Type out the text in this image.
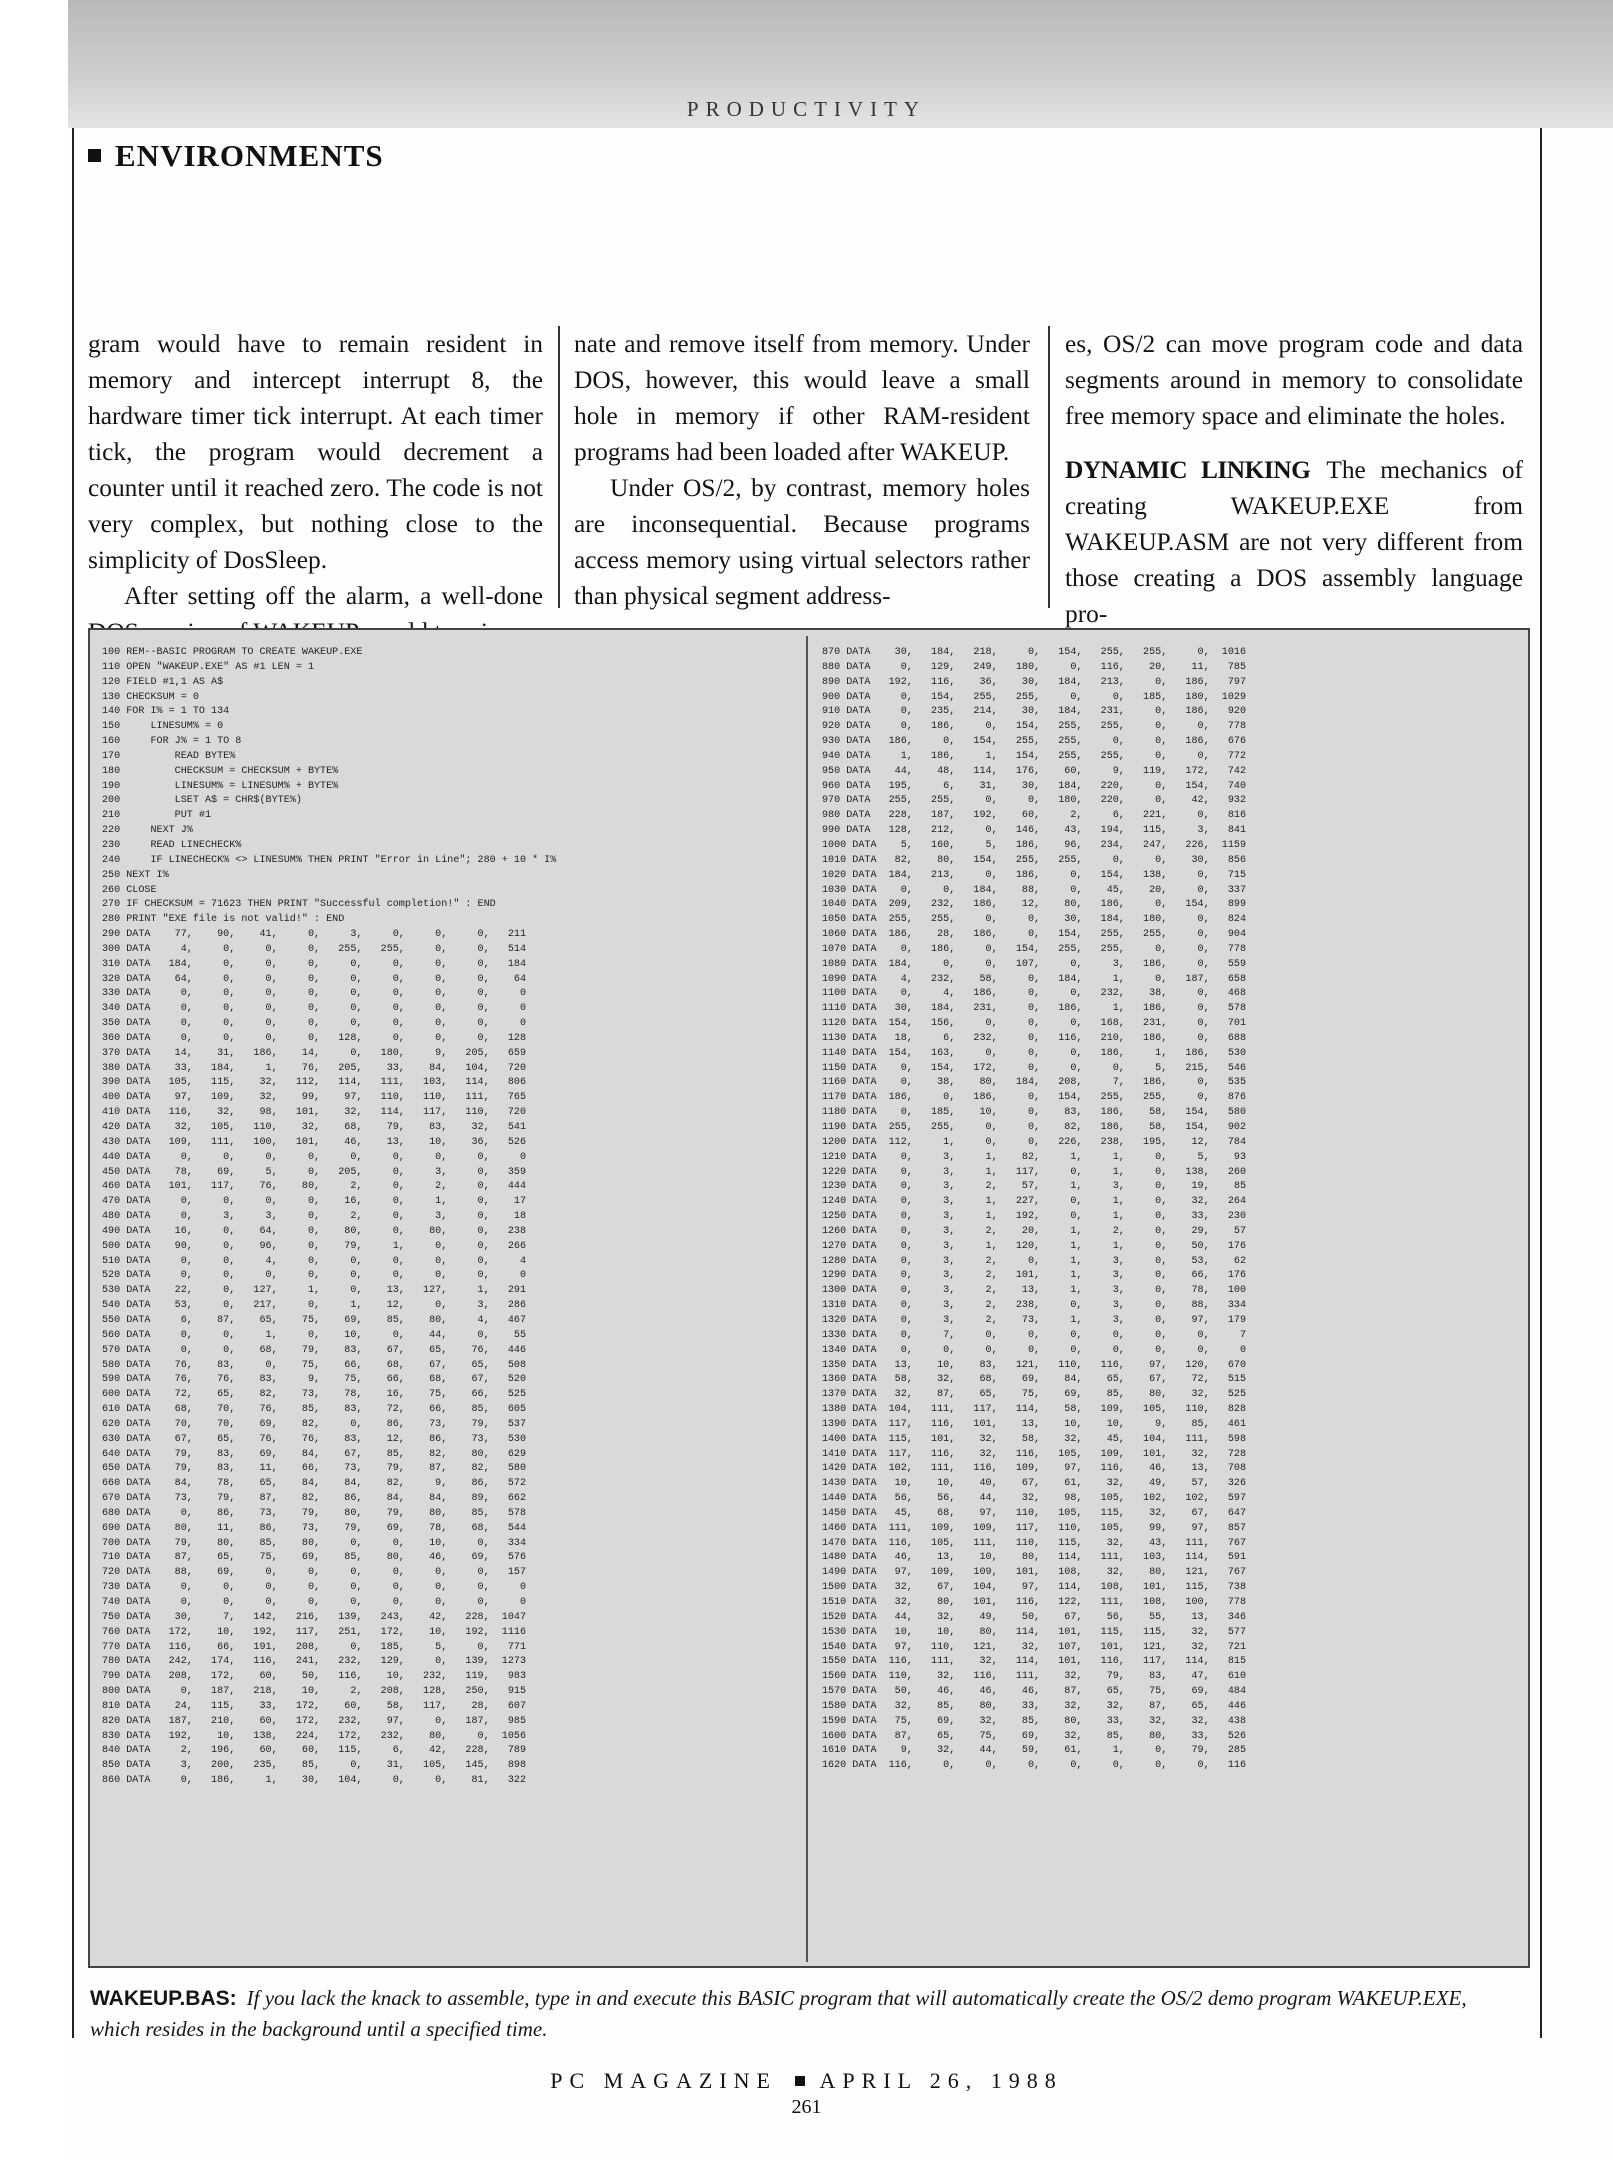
PRODUCTIVITY
ENVIRONMENTS

gram would have to remain resident in memory and intercept interrupt 8, the hardware timer tick interrupt. At each timer tick, the program would decrement a counter until it reached zero. The code is not very complex, but nothing close to the simplicity of DosSleep.

After setting off the alarm, a well-done

nate and remove itself from memory. Under DOS, however, this would leave a small hole in memory if other RAM-resident programs had been loaded after WAKEUP.

Under OS/2, by contrast, memory holes are inconsequential. Because programs access memory using virtual selectors rather than physical segment address-

es, OS/2 can move program code and data segments around in memory to consolidate free memory space and eliminate the holes.

DYNAMIC LINKING The mechanics of creating WAKEUP.EXE from WAKEUP.ASM are not very different from those creating a DOS assembly language pro-

100 REM--BASIC PROGRAM TO CREATE WAKEUP.EXE
110 OPEN "WAKEUP.EXE" AS #1 LEN = 1
120 FIELD #1,1 AS A$
130 CHECKSUM = 0
140 FOR I% = 1 TO 134
150     LINESUM% = 0
160     FOR J% = 1 TO 8
170         READ BYTE%
180         CHECKSUM = CHECKSUM + BYTE%
190         LINESUM% = LINESUM% + BYTE%
200         LSET A$ = CHR$(BYTE%)
210         PUT #1
220     NEXT J%
230     READ LINECHECK%
240     IF LINECHECK% <> LINESUM% THEN PRINT "Error in Line"; 280 + 10 * I%
250 NEXT I%
260 CLOSE
270 IF CHECKSUM = 71623 THEN PRINT "Successful completion!" : END
280 PRINT "EXE file is not valid!" : END
290 DATA    77,    90,    41,     0,     3,     0,     0,     0,   211
300 DATA     4,     0,     0,     0,   255,   255,     0,     0,   514
310 DATA   184,     0,     0,     0,     0,     0,     0,     0,   184
320 DATA    64,     0,     0,     0,     0,     0,     0,     0,    64
330 DATA     0,     0,     0,     0,     0,     0,     0,     0,     0
340 DATA     0,     0,     0,     0,     0,     0,     0,     0,     0
350 DATA     0,     0,     0,     0,     0,     0,     0,     0,     0
360 DATA     0,     0,     0,     0,   128,     0,     0,     0,   128
370 DATA    14,    31,   186,    14,     0,   180,     9,   205,   659
380 DATA    33,   184,     1,    76,   205,    33,    84,   104,   720
390 DATA   105,   115,    32,   112,   114,   111,   103,   114,   806
400 DATA    97,   109,    32,    99,    97,   110,   110,   111,   765
410 DATA   116,    32,    98,   101,    32,   114,   117,   110,   720
420 DATA    32,   105,   110,    32,    68,    79,    83,    32,   541
430 DATA   109,   111,   100,   101,    46,    13,    10,    36,   526
440 DATA     0,     0,     0,     0,     0,     0,     0,     0,     0
450 DATA    78,    69,     5,     0,   205,     0,     3,     0,   359
460 DATA   101,   117,    76,    80,     2,     0,     2,     0,   444
470 DATA     0,     0,     0,     0,    16,     0,     1,     0,    17
480 DATA     0,     3,     3,     0,     2,     0,     3,     0,    18
490 DATA    16,     0,    64,     0,    80,     0,    80,     0,   238
500 DATA    90,     0,    96,     0,    79,     1,     0,     0,   266
510 DATA     0,     0,     4,     0,     0,     0,     0,     0,     4
520 DATA     0,     0,     0,     0,     0,     0,     0,     0,     0
530 DATA    22,     0,   127,     1,     0,    13,   127,     1,   291
540 DATA    53,     0,   217,     0,     1,    12,     0,     3,   286
550 DATA     6,    87,    65,    75,    69,    85,    80,     4,   467
560 DATA     0,     0,     1,     0,    10,     0,    44,     0,    55
570 DATA     0,     0,    68,    79,    83,    67,    65,    76,   446
580 DATA    76,    83,     0,    75,    66,    68,    67,    65,   508
590 DATA    76,    76,    83,     9,    75,    66,    68,    67,   520
600 DATA    72,    65,    82,    73,    78,    16,    75,    66,   525
610 DATA    68,    70,    76,    85,    83,    72,    66,    85,   605
620 DATA    70,    70,    69,    82,     0,    86,    73,    79,   537
630 DATA    67,    65,    76,    76,    83,    12,    86,    73,   530
640 DATA    79,    83,    69,    84,    67,    85,    82,    80,   629
650 DATA    79,    83,    11,    66,    73,    79,    87,    82,   580
660 DATA    84,    78,    65,    84,    84,    82,     9,    86,   572
670 DATA    73,    79,    87,    82,    86,    84,    84,    89,   662
680 DATA     0,    86,    73,    79,    80,    79,    80,    85,   578
690 DATA    80,    11,    86,    73,    79,    69,    78,    68,   544
700 DATA    79,    80,    85,    80,     0,     0,    10,     0,   334
710 DATA    87,    65,    75,    69,    85,    80,    46,    69,   576
720 DATA    88,    69,     0,     0,     0,     0,     0,     0,   157
730 DATA     0,     0,     0,     0,     0,     0,     0,     0,     0
740 DATA     0,     0,     0,     0,     0,     0,     0,     0,     0
750 DATA    30,     7,   142,   216,   139,   243,    42,   228,  1047
760 DATA   172,    10,   192,   117,   251,   172,    10,   192,  1116
770 DATA   116,    66,   191,   208,     0,   185,     5,     0,   771
780 DATA   242,   174,   116,   241,   232,   129,     0,   139,  1273
790 DATA   208,   172,    60,    50,   116,    10,   232,   119,   983
800 DATA     0,   187,   218,    10,     2,   208,   128,   250,   915
810 DATA    24,   115,    33,   172,    60,    58,   117,    28,   607
820 DATA   187,   210,    60,   172,   232,    97,     0,   187,   985
830 DATA   192,    10,   138,   224,   172,   232,    80,     0,  1056
840 DATA     2,   196,    60,    60,   115,     6,    42,   228,   789
850 DATA     3,   200,   235,    85,     0,    31,   105,   145,   898
860 DATA     0,   186,     1,    30,   104,     0,     0,    81,   322
870 DATA    30,   184,   218,     0,   154,   255,   255,     0,  1016
880 DATA     0,   129,   249,   180,     0,   116,    20,    11,   785
890 DATA   192,   116,    36,    30,   184,   213,     0,   186,   797
900 DATA     0,   154,   255,   255,     0,     0,   185,   180,  1029
910 DATA     0,   235,   214,    30,   184,   231,     0,   186,   920
920 DATA     0,   186,     0,   154,   255,   255,     0,     0,   778
930 DATA   186,     0,   154,   255,   255,     0,     0,   186,   676
940 DATA     1,   186,     1,   154,   255,   255,     0,     0,   772
950 DATA    44,    48,   114,   176,    60,     9,   119,   172,   742
960 DATA   195,     6,    31,    30,   184,   220,     0,   154,   740
970 DATA   255,   255,     0,     0,   180,   220,     0,    42,   932
980 DATA   228,   187,   192,    60,     2,     6,   221,     0,   816
990 DATA   128,   212,     0,   146,    43,   194,   115,     3,   841
1000 DATA    5,   160,     5,   186,    96,   234,   247,   226,  1159
1010 DATA   82,    80,   154,   255,   255,     0,     0,    30,   856
1020 DATA  184,   213,     0,   186,     0,   154,   138,     0,   715
1030 DATA    0,     0,   184,    88,     0,    45,    20,     0,   337
1040 DATA  209,   232,   186,    12,    80,   186,     0,   154,   899
1050 DATA  255,   255,     0,     0,    30,   184,   180,     0,   824
1060 DATA  186,    28,   186,     0,   154,   255,   255,     0,   904
1070 DATA    0,   186,     0,   154,   255,   255,     0,     0,   778
1080 DATA  184,     0,     0,   107,     0,     3,   186,     0,   559
1090 DATA    4,   232,    58,     0,   184,     1,     0,   187,   658
1100 DATA    0,     4,   186,     0,     0,   232,    38,     0,   468
1110 DATA   30,   184,   231,     0,   186,     1,   186,     0,   578
1120 DATA  154,   156,     0,     0,     0,   168,   231,     0,   701
1130 DATA   18,     6,   232,     0,   116,   210,   186,     0,   688
1140 DATA  154,   163,     0,     0,     0,   186,     1,   186,   530
1150 DATA    0,   154,   172,     0,     0,     0,     5,   215,   546
1160 DATA    0,    38,    80,   184,   208,     7,   186,     0,   535
1170 DATA  186,     0,   186,     0,   154,   255,   255,     0,   876
1180 DATA    0,   185,    10,     0,    83,   186,    58,   154,   580
1190 DATA  255,   255,     0,     0,    82,   186,    58,   154,   902
1200 DATA  112,     1,     0,     0,   226,   238,   195,    12,   784
1210 DATA    0,     3,     1,    82,     1,     1,     0,     5,    93
1220 DATA    0,     3,     1,   117,     0,     1,     0,   138,   260
1230 DATA    0,     3,     2,    57,     1,     3,     0,    19,    85
1240 DATA    0,     3,     1,   227,     0,     1,     0,    32,   264
1250 DATA    0,     3,     1,   192,     0,     1,     0,    33,   230
1260 DATA    0,     3,     2,    20,     1,     2,     0,    29,    57
1270 DATA    0,     3,     1,   120,     1,     1,     0,    50,   176
1280 DATA    0,     3,     2,     0,     1,     3,     0,    53,    62
1290 DATA    0,     3,     2,   101,     1,     3,     0,    66,   176
1300 DATA    0,     3,     2,    13,     1,     3,     0,    78,   100
1310 DATA    0,     3,     2,   238,     0,     3,     0,    88,   334
1320 DATA    0,     3,     2,    73,     1,     3,     0,    97,   179
1330 DATA    0,     7,     0,     0,     0,     0,     0,     0,     7
1340 DATA    0,     0,     0,     0,     0,     0,     0,     0,     0
1350 DATA   13,    10,    83,   121,   110,   116,    97,   120,   670
1360 DATA   58,    32,    68,    69,    84,    65,    67,    72,   515
1370 DATA   32,    87,    65,    75,    69,    85,    80,    32,   525
1380 DATA  104,   111,   117,   114,    58,   109,   105,   110,   828
1390 DATA  117,   116,   101,    13,    10,    10,     9,    85,   461
1400 DATA  115,   101,    32,    58,    32,    45,   104,   111,   598
1410 DATA  117,   116,    32,   116,   105,   109,   101,    32,   728
1420 DATA  102,   111,   116,   109,    97,   116,    46,    13,   708
1430 DATA   10,    10,    40,    67,    61,    32,    49,    57,   326
1440 DATA   56,    56,    44,    32,    98,   105,   102,   102,   597
1450 DATA   45,    68,    97,   110,   105,   115,    32,    67,   647
1460 DATA  111,   109,   109,   117,   110,   105,    99,    97,   857
1470 DATA  116,   105,   111,   110,   115,    32,    43,   111,   767
1480 DATA   46,    13,    10,    80,   114,   111,   103,   114,   591
1490 DATA   97,   109,   109,   101,   108,    32,    80,   121,   767
1500 DATA   32,    67,   104,    97,   114,   108,   101,   115,   738
1510 DATA   32,    80,   101,   116,   122,   111,   108,   100,   778
1520 DATA   44,    32,    49,    50,    67,    56,    55,    13,   346
1530 DATA   10,    10,    80,   114,   101,   115,   115,    32,   577
1540 DATA   97,   110,   121,    32,   107,   101,   121,    32,   721
1550 DATA  116,   111,    32,   114,   101,   116,   117,   114,   815
1560 DATA  110,    32,   116,   111,    32,    79,    83,    47,   610
1570 DATA   50,    46,    46,    46,    87,    65,    75,    69,   484
1580 DATA   32,    85,    80,    33,    32,    32,    87,    65,   446
1590 DATA   75,    69,    32,    85,    80,    33,    32,    32,   438
1600 DATA   87,    65,    75,    69,    32,    85,    80,    33,   526
1610 DATA    9,    32,    44,    59,    61,     1,     0,    79,   285
1620 DATA  116,     0,     0,     0,     0,     0,     0,     0,   116
WAKEUP.BAS: If you lack the knack to assemble, type in and execute this BASIC program that will automatically create the OS/2 demo program WAKEUP.EXE, which resides in the background until a specified time.
PC MAGAZINE APRIL 26, 1988
261
